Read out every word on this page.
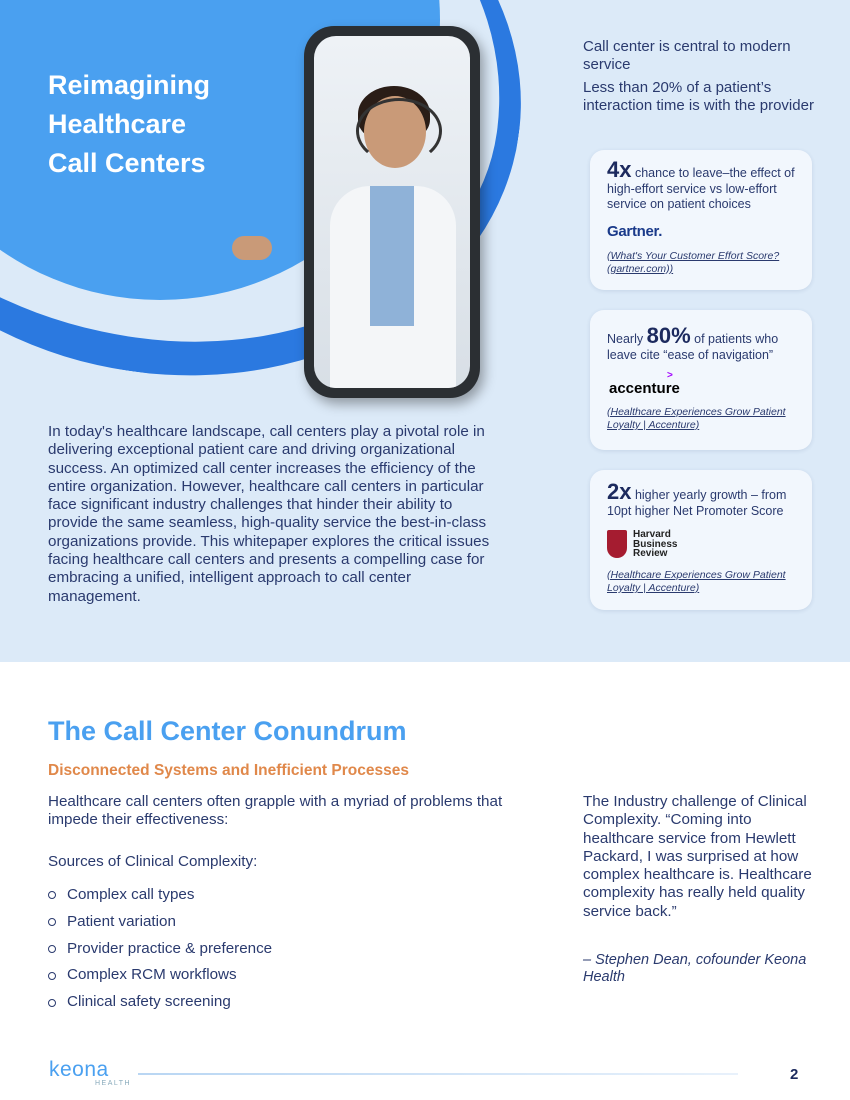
Reimagining
Healthcare
Call Centers
Call center is central to modern service
Less than 20% of a patient’s interaction time is with the provider
4x chance to leave–the effect of high-effort service vs low-effort service on patient choices
Gartner.
(What's Your Customer Effort Score? (gartner.com))
Nearly 80% of patients who leave cite “ease of navigation”
>
accenture
(Healthcare Experiences Grow Patient Loyalty | Accenture)
2x higher yearly growth – from 10pt higher Net Promoter Score
Harvard
Business
Review
(Healthcare Experiences Grow Patient Loyalty | Accenture)
In today's healthcare landscape, call centers play a pivotal role in delivering exceptional patient care and driving organizational success. An optimized call center increases the efficiency of the entire organization. However, healthcare call centers in particular face significant industry challenges that hinder their ability to provide the same seamless, high-quality service the best-in-class organizations provide. This whitepaper explores the critical issues facing healthcare call centers and presents a compelling case for embracing a unified, intelligent approach to call center management.
The Call Center Conundrum
Disconnected Systems and Inefficient Processes
Healthcare call centers often grapple with a myriad of problems that impede their effectiveness:
Sources of Clinical Complexity:
Complex call types
Patient variation
Provider practice & preference
Complex RCM workflows
Clinical safety screening
The Industry challenge of Clinical Complexity. “Coming into healthcare service from Hewlett Packard, I was surprised at how complex healthcare is. Healthcare complexity has really held quality service back.”
– Stephen Dean, cofounder Keona Health
keona
HEALTH
2
